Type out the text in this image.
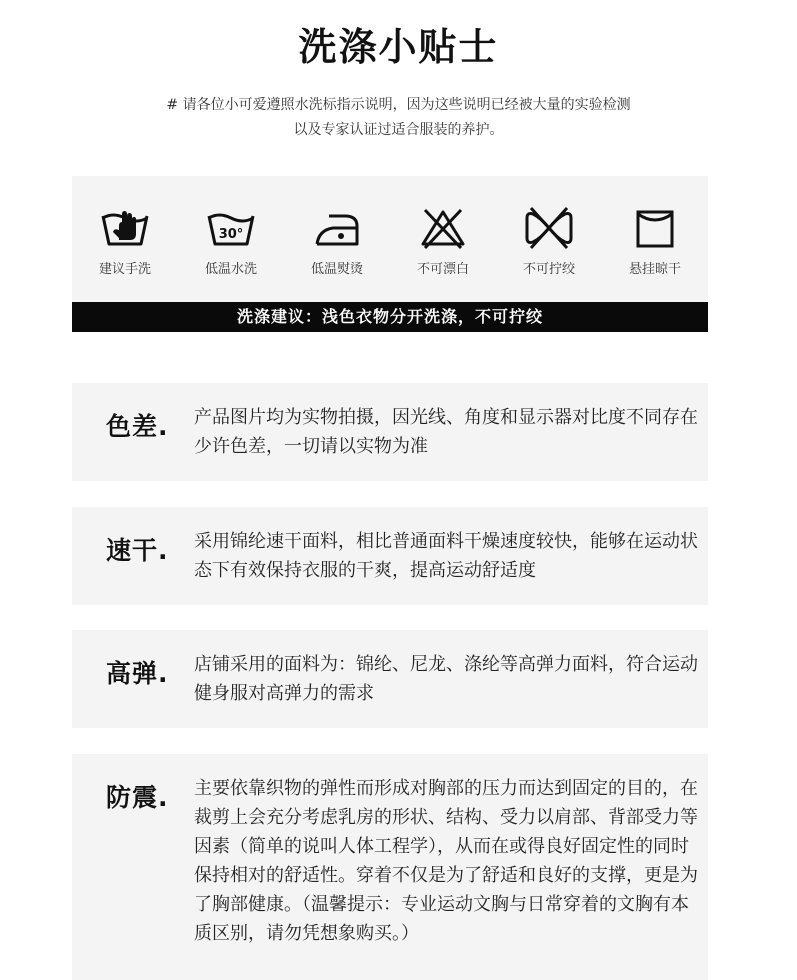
洗涤小贴士
# 请各位小可爱遵照水洗标指示说明，因为这些说明已经被大量的实验检测
以及专家认证过适合服装的养护。
建议手洗
30°
低温水洗	低温熨烫	不可漂白	不可拧绞	悬挂晾干
洗涤建议：浅色衣物分开洗涤，不可拧绞
色差. 产品图片均为实物拍摄，因光线、角度和显示器对比度不同存在少许色差，一切请以实物为准
速干. 采用锦纶速干面料，相比普通面料干燥速度较快，能够在运动状态下有效保持衣服的干爽，提高运动舒适度
高弹. 店铺采用的面料为：锦纶、尼龙、涤纶等高弹力面料，符合运动健身服对高弹力的需求
防震. 主要依靠织物的弹性而形成对胸部的压力而达到固定的目的，在裁剪上会充分考虑乳房的形状、结构、受力以肩部、背部受力等因素（简单的说叫人体工程学），从而在或得良好固定性的同时保持相对的舒适性。穿着不仅是为了舒适和良好的支撑，更是为了胸部健康。（温馨提示：专业运动文胸与日常穿着的文胸有本质区别，请勿凭想象购买。）
